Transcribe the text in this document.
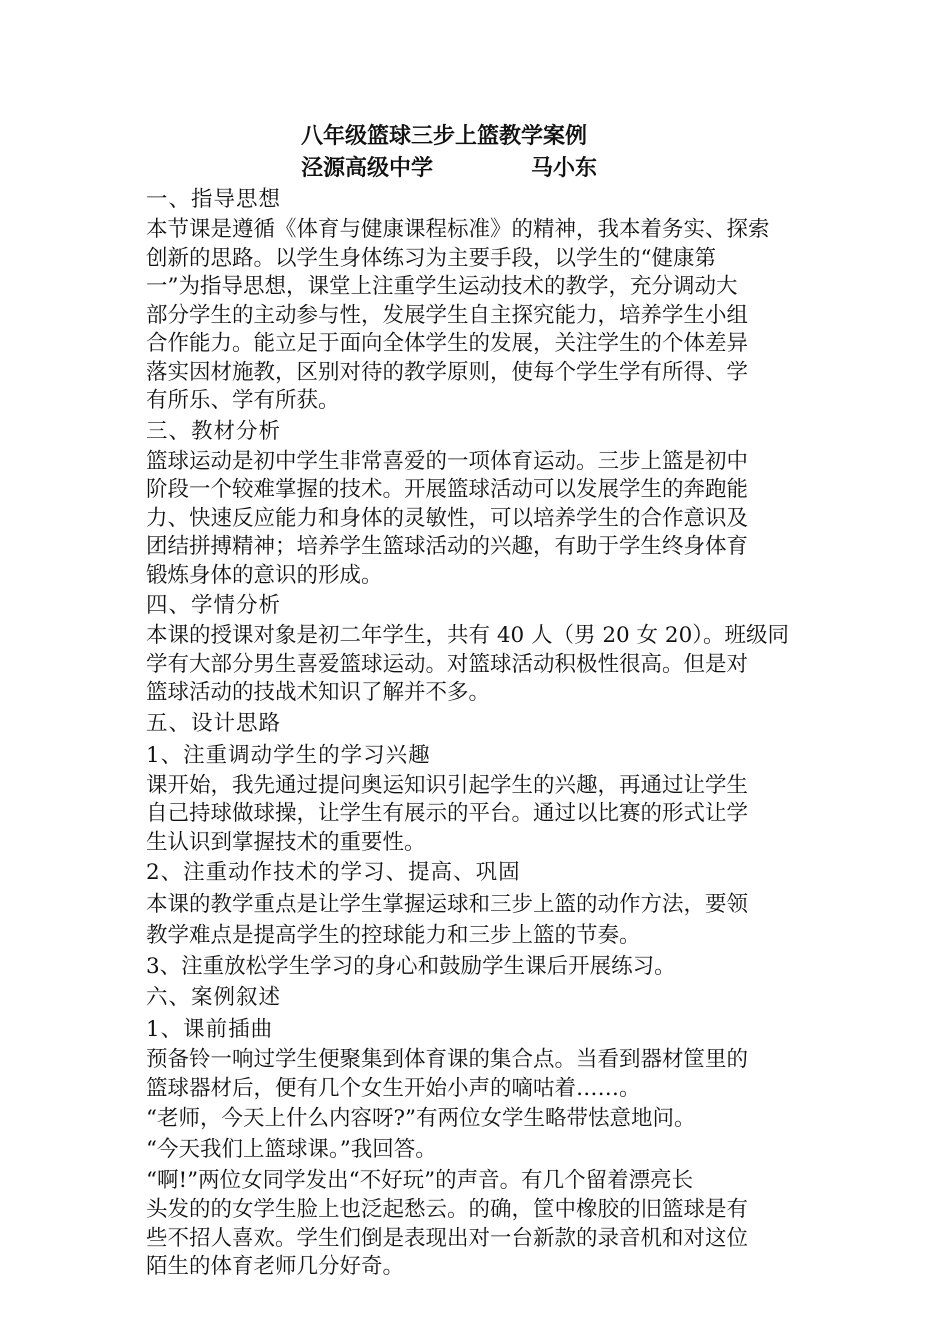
八年级篮球三步上篮教学案例

泾源高级中学	马小东

一、指导思想

本节课是遵循《体育与健康课程标准》的精神，我本着务实、探索
创新的思路。以学生身体练习为主要手段，以学生的“健康第
一”为指导思想，课堂上注重学生运动技术的教学，充分调动大
部分学生的主动参与性，发展学生自主探究能力，培养学生小组
合作能力。能立足于面向全体学生的发展，关注学生的个体差异
落实因材施教，区别对待的教学原则，使每个学生学有所得、学
有所乐、学有所获。

三、教材分析

篮球运动是初中学生非常喜爱的一项体育运动。三步上篮是初中
阶段一个较难掌握的技术。开展篮球活动可以发展学生的奔跑能
力、快速反应能力和身体的灵敏性，可以培养学生的合作意识及
团结拼搏精神；培养学生篮球活动的兴趣，有助于学生终身体育
锻炼身体的意识的形成。

四、学情分析

本课的授课对象是初二年学生，共有 40 人（男 20 女 20）。班级同
学有大部分男生喜爱篮球运动。对篮球活动积极性很高。但是对
篮球活动的技战术知识了解并不多。

五、设计思路

1、注重调动学生的学习兴趣

课开始，我先通过提问奥运知识引起学生的兴趣，再通过让学生
自己持球做球操，让学生有展示的平台。通过以比赛的形式让学
生认识到掌握技术的重要性。

2、注重动作技术的学习、提高、巩固

本课的教学重点是让学生掌握运球和三步上篮的动作方法，要领
教学难点是提高学生的控球能力和三步上篮的节奏。
3、注重放松学生学习的身心和鼓励学生课后开展练习。

六、案例叙述

1、课前插曲

预备铃一响过学生便聚集到体育课的集合点。当看到器材筐里的
篮球器材后，便有几个女生开始小声的嘀咕着……。
“老师，今天上什么内容呀?”有两位女学生略带怯意地问。
“今天我们上篮球课。”我回答。
“啊!”两位女同学发出“不好玩”的声音。有几个留着漂亮长
头发的的女学生脸上也泛起愁云。的确，筐中橡胶的旧篮球是有
些不招人喜欢。学生们倒是表现出对一台新款的录音机和对这位
陌生的体育老师几分好奇。
